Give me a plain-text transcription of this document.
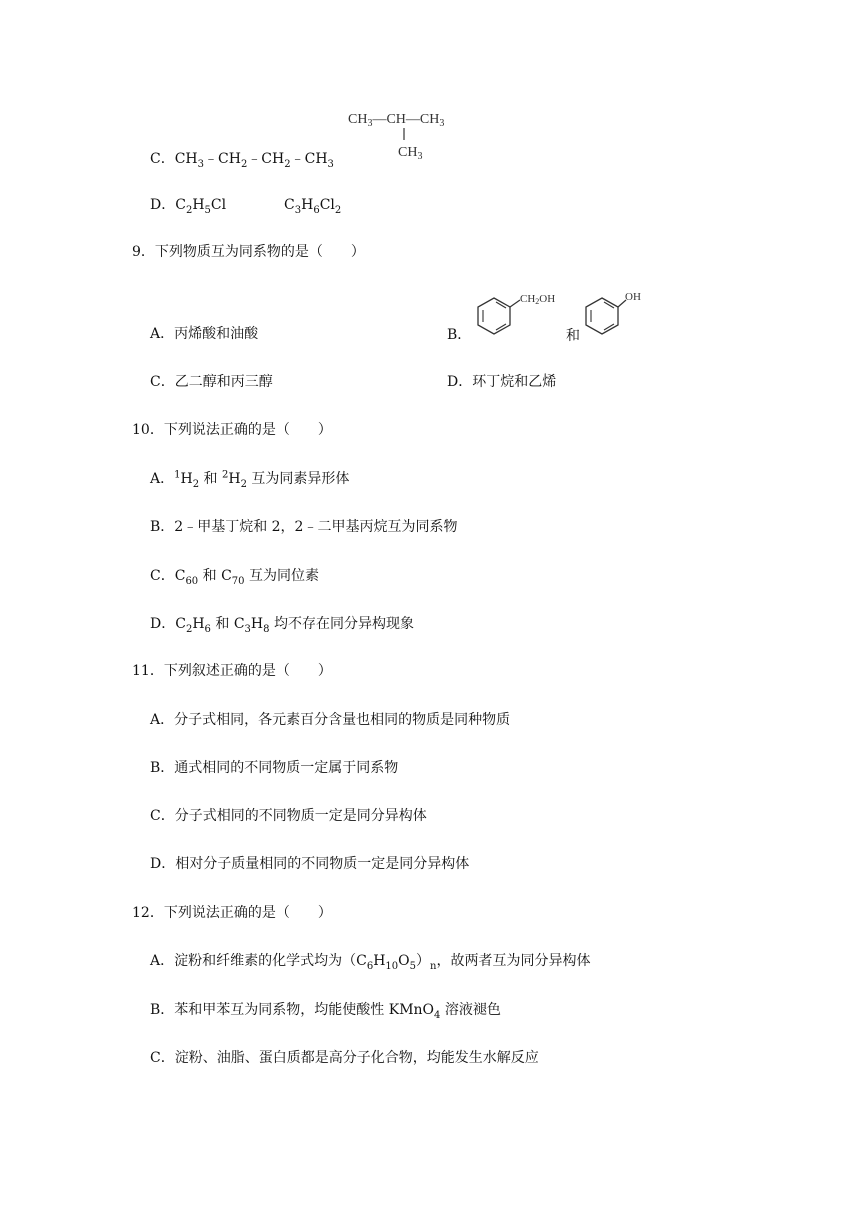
C．$CH_3﹣CH_2﹣CH_2﹣CH_3$
$CH_3—CH—CH_3$
$CH_3$
D．$C_2H_5Cl$	$C_3H_6Cl_2$
9．下列物质互为同系物的是（　　）
A．丙烯酸和油酸	B．
CH2OH
和
OH
C．乙二醇和丙三醇	D．环丁烷和乙烯
10．下列说法正确的是（　　）
A．$^1H_2$ 和 $^2H_2$ 互为同素异形体
B．2﹣甲基丁烷和 2，2﹣二甲基丙烷互为同系物
C．$C_{60}$ 和 $C_{70}$ 互为同位素
D．$C_2H_6$ 和 $C_3H_8$ 均不存在同分异构现象
11．下列叙述正确的是（　　）
A．分子式相同，各元素百分含量也相同的物质是同种物质
B．通式相同的不同物质一定属于同系物
C．分子式相同的不同物质一定是同分异构体
D．相对分子质量相同的不同物质一定是同分异构体
12．下列说法正确的是（　　）
A．淀粉和纤维素的化学式均为$(C_6H_{10}O_5)_n$，故两者互为同分异构体
B．苯和甲苯互为同系物，均能使酸性 KMnO$_4$ 溶液褪色
C．淀粉、油脂、蛋白质都是高分子化合物，均能发生水解反应
